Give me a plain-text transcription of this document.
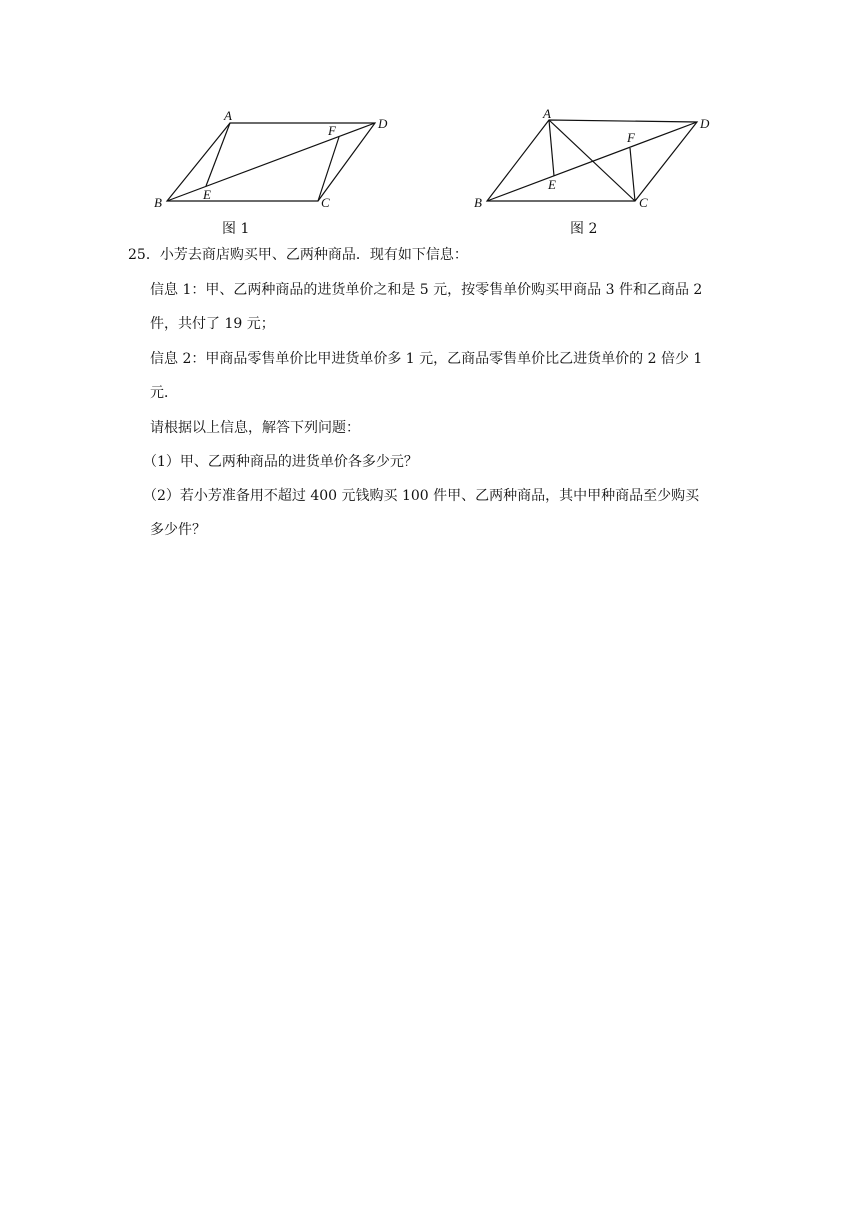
A
D
B	C
E
F
图 1
A
D
B	C
E
F
图 2
25．小芳去商店购买甲、乙两种商品．现有如下信息：
信息 1：甲、乙两种商品的进货单价之和是 5 元，按零售单价购买甲商品 3 件和乙商品 2
件，共付了 19 元；
信息 2：甲商品零售单价比甲进货单价多 1 元，乙商品零售单价比乙进货单价的 2 倍少 1
元．
请根据以上信息，解答下列问题：
（1）甲、乙两种商品的进货单价各多少元？
（2）若小芳准备用不超过 400 元钱购买 100 件甲、乙两种商品，其中甲种商品至少购买
多少件？
